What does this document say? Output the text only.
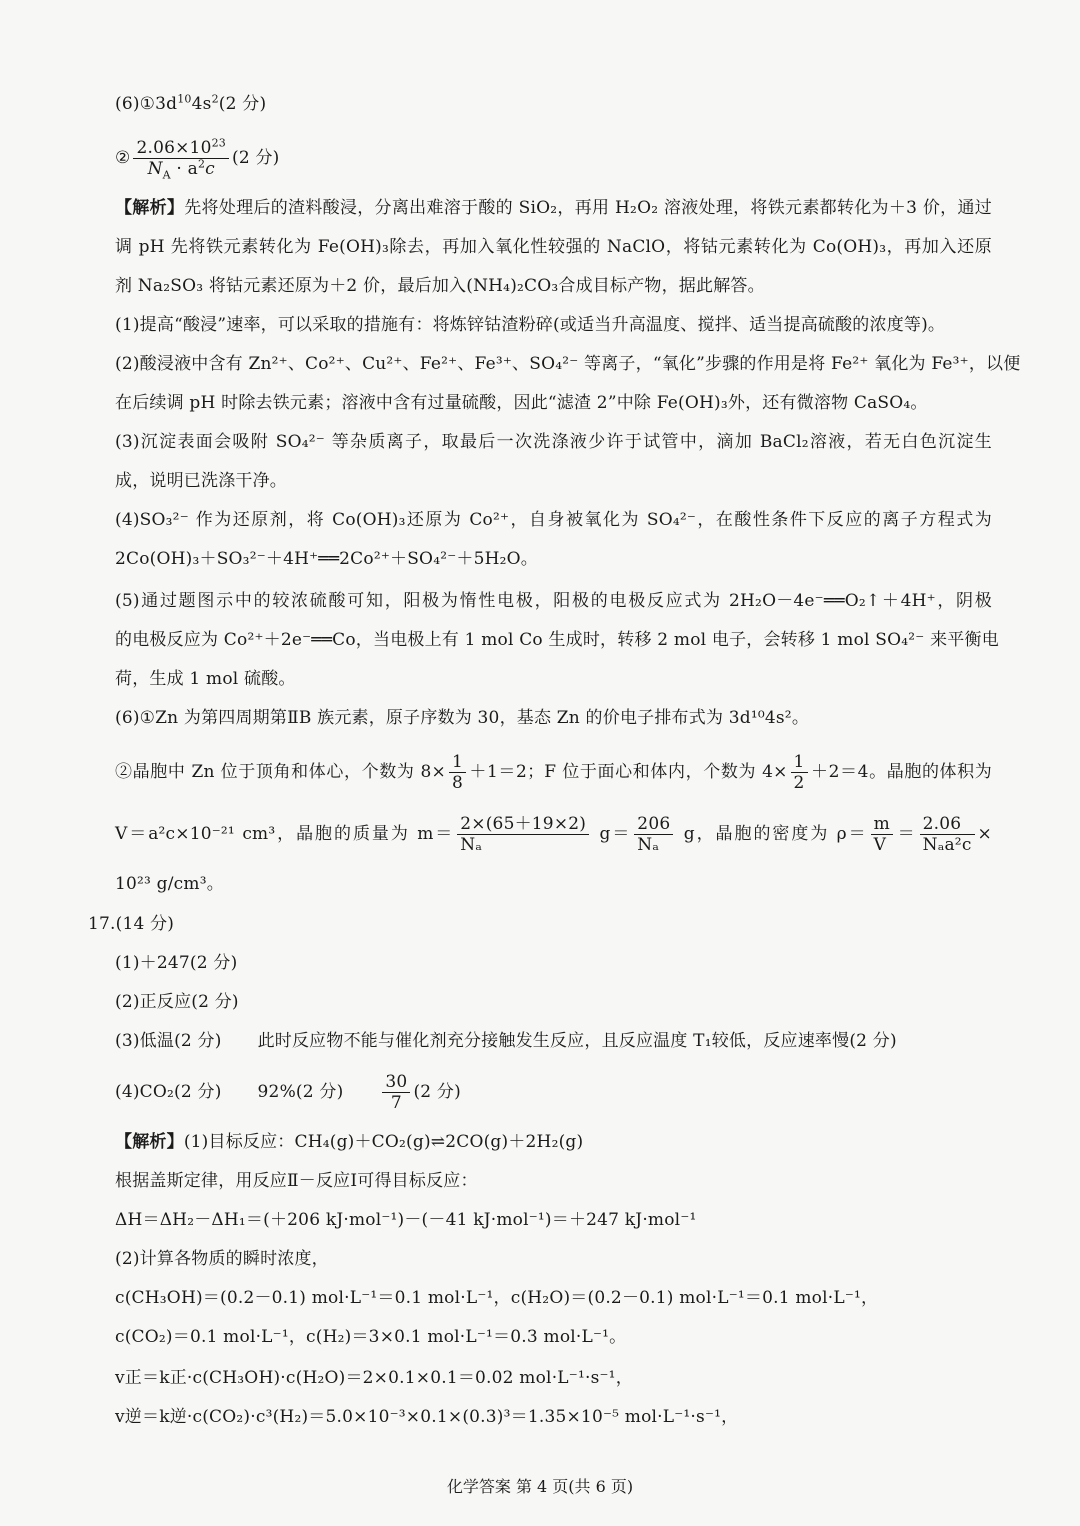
$(6)①3d^{10}4s^2(2$ 分)
② $\frac{2.06\times 10^{23}}{N_A \cdot a^2c} (2$ 分)
【解析】先将处理后的渣料酸浸，分离出难溶于酸的 SiO₂，再用 H₂O₂ 溶液处理，将铁元素都转化为＋3 价，通过
调 pH 先将铁元素转化为 Fe(OH)₃除去，再加入氧化性较强的 NaClO，将钴元素转化为 Co(OH)₃，再加入还原
剂 Na₂SO₃ 将钴元素还原为＋2 价，最后加入(NH₄)₂CO₃合成目标产物，据此解答。
(1)提高“酸浸”速率，可以采取的措施有：将炼锌钴渣粉碎(或适当升高温度、搅拌、适当提高硫酸的浓度等)。
(2)酸浸液中含有 Zn²⁺、Co²⁺、Cu²⁺、Fe²⁺、Fe³⁺、SO₄²⁻ 等离子，“氧化”步骤的作用是将 Fe²⁺ 氧化为 Fe³⁺，以便
在后续调 pH 时除去铁元素；溶液中含有过量硫酸，因此“滤渣 2”中除 Fe(OH)₃外，还有微溶物 CaSO₄。
(3)沉淀表面会吸附 SO₄²⁻ 等杂质离子，取最后一次洗涤液少许于试管中，滴加 BaCl₂溶液，若无白色沉淀生
成，说明已洗涤干净。
(4)SO₃²⁻ 作为还原剂，将 Co(OH)₃还原为 Co²⁺，自身被氧化为 SO₄²⁻，在酸性条件下反应的离子方程式为
2Co(OH)₃＋SO₃²⁻＋4H⁺══2Co²⁺＋SO₄²⁻＋5H₂O。
(5)通过题图示中的较浓硫酸可知，阳极为惰性电极，阳极的电极反应式为 2H₂O－4e⁻══O₂↑＋4H⁺，阴极
的电极反应为 Co²⁺＋2e⁻══Co，当电极上有 1 mol Co 生成时，转移 2 mol 电子，会转移 1 mol SO₄²⁻ 来平衡电
荷，生成 1 mol 硫酸。
(6)①Zn 为第四周期第ⅡB 族元素，原子序数为 30，基态 Zn 的价电子排布式为 3d¹⁰4s²。
②晶胞中 Zn 位于顶角和体心，个数为 $8\times \frac{1}{8} +1=2$；F 位于面心和体内，个数为 $4\times \frac{1}{2} +2=4$。晶胞的体积为
V＝a²c×10⁻²¹ cm³，晶胞的质量为 $m= \frac{2\times(65+19\times 2)}{\text{Nₐ}} g= \frac{206}{\text{Nₐ}}$ g，晶胞的密度为 $\rho= \frac{m}{V} = \frac{2.06}{\text{Nₐa²c}}$ ×
10²³ g/cm³。
17.(14 分)
(1)＋247(2 分)
(2)正反应(2 分)
(3)低温(2 分) 此时反应物不能与催化剂充分接触发生反应，且反应温度 T₁较低，反应速率慢(2 分)
(4)CO₂(2 分) 92%(2 分) $\frac{30}{7} (2$ 分)
【解析】(1)目标反应：CH₄(g)＋CO₂(g)⇌2CO(g)＋2H₂(g)
根据盖斯定律，用反应Ⅱ－反应Ⅰ可得目标反应：
ΔH＝ΔH₂－ΔH₁＝(＋206 kJ·mol⁻¹)－(－41 kJ·mol⁻¹)＝＋247 kJ·mol⁻¹
(2)计算各物质的瞬时浓度，
c(CH₃OH)＝(0.2－0.1) mol·L⁻¹＝0.1 mol·L⁻¹，c(H₂O)＝(0.2－0.1) mol·L⁻¹＝0.1 mol·L⁻¹，
c(CO₂)＝0.1 mol·L⁻¹，c(H₂)＝3×0.1 mol·L⁻¹＝0.3 mol·L⁻¹。
v正＝k正·c(CH₃OH)·c(H₂O)＝2×0.1×0.1＝0.02 mol·L⁻¹·s⁻¹，
v逆＝k逆·c(CO₂)·c³(H₂)＝5.0×10⁻³×0.1×(0.3)³＝1.35×10⁻⁵ mol·L⁻¹·s⁻¹，
化学答案 第 4 页(共 6 页)
